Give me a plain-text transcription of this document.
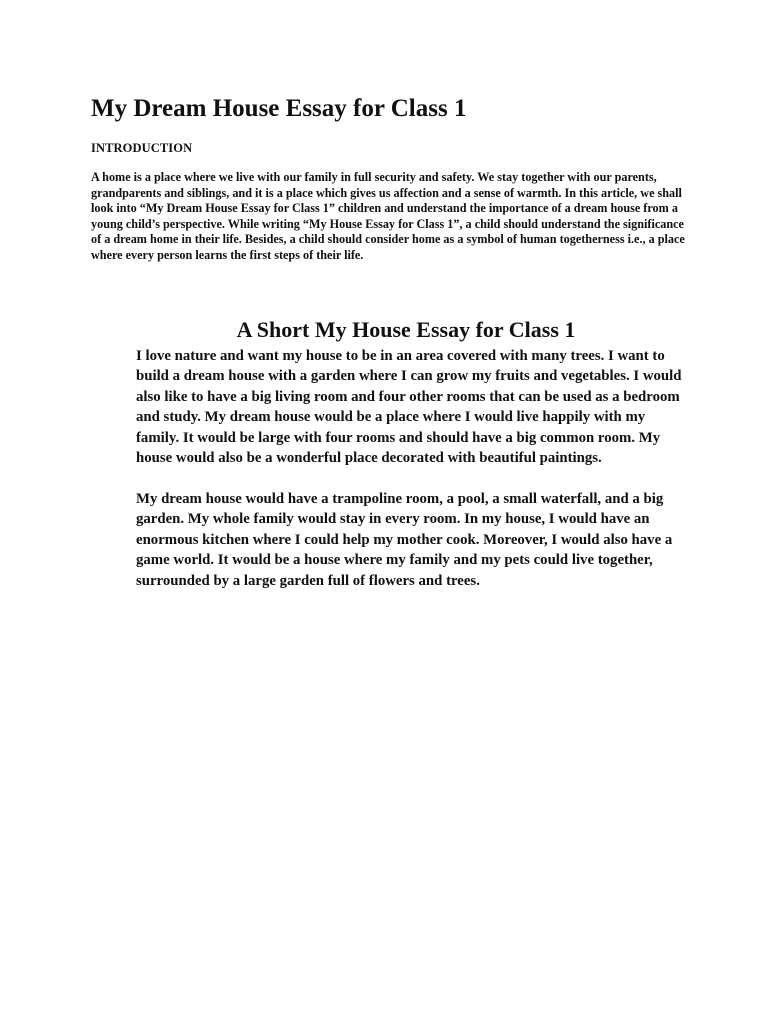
My Dream House Essay for Class 1
INTRODUCTION

A home is a place where we live with our family in full security and safety. We stay together with our parents, grandparents and siblings, and it is a place which gives us affection and a sense of warmth. In this article, we shall look into “My Dream House Essay for Class 1” children and understand the importance of a dream house from a young child’s perspective. While writing “My House Essay for Class 1”, a child should understand the significance of a dream home in their life. Besides, a child should consider home as a symbol of human togetherness i.e., a place where every person learns the first steps of their life.

A Short My House Essay for Class 1

I love nature and want my house to be in an area covered with many trees. I want to build a dream house with a garden where I can grow my fruits and vegetables. I would also like to have a big living room and four other rooms that can be used as a bedroom and study. My dream house would be a place where I would live happily with my family. It would be large with four rooms and should have a big common room. My house would also be a wonderful place decorated with beautiful paintings.

My dream house would have a trampoline room, a pool, a small waterfall, and a big garden. My whole family would stay in every room. In my house, I would have an enormous kitchen where I could help my mother cook. Moreover, I would also have a game world. It would be a house where my family and my pets could live together, surrounded by a large garden full of flowers and trees.
